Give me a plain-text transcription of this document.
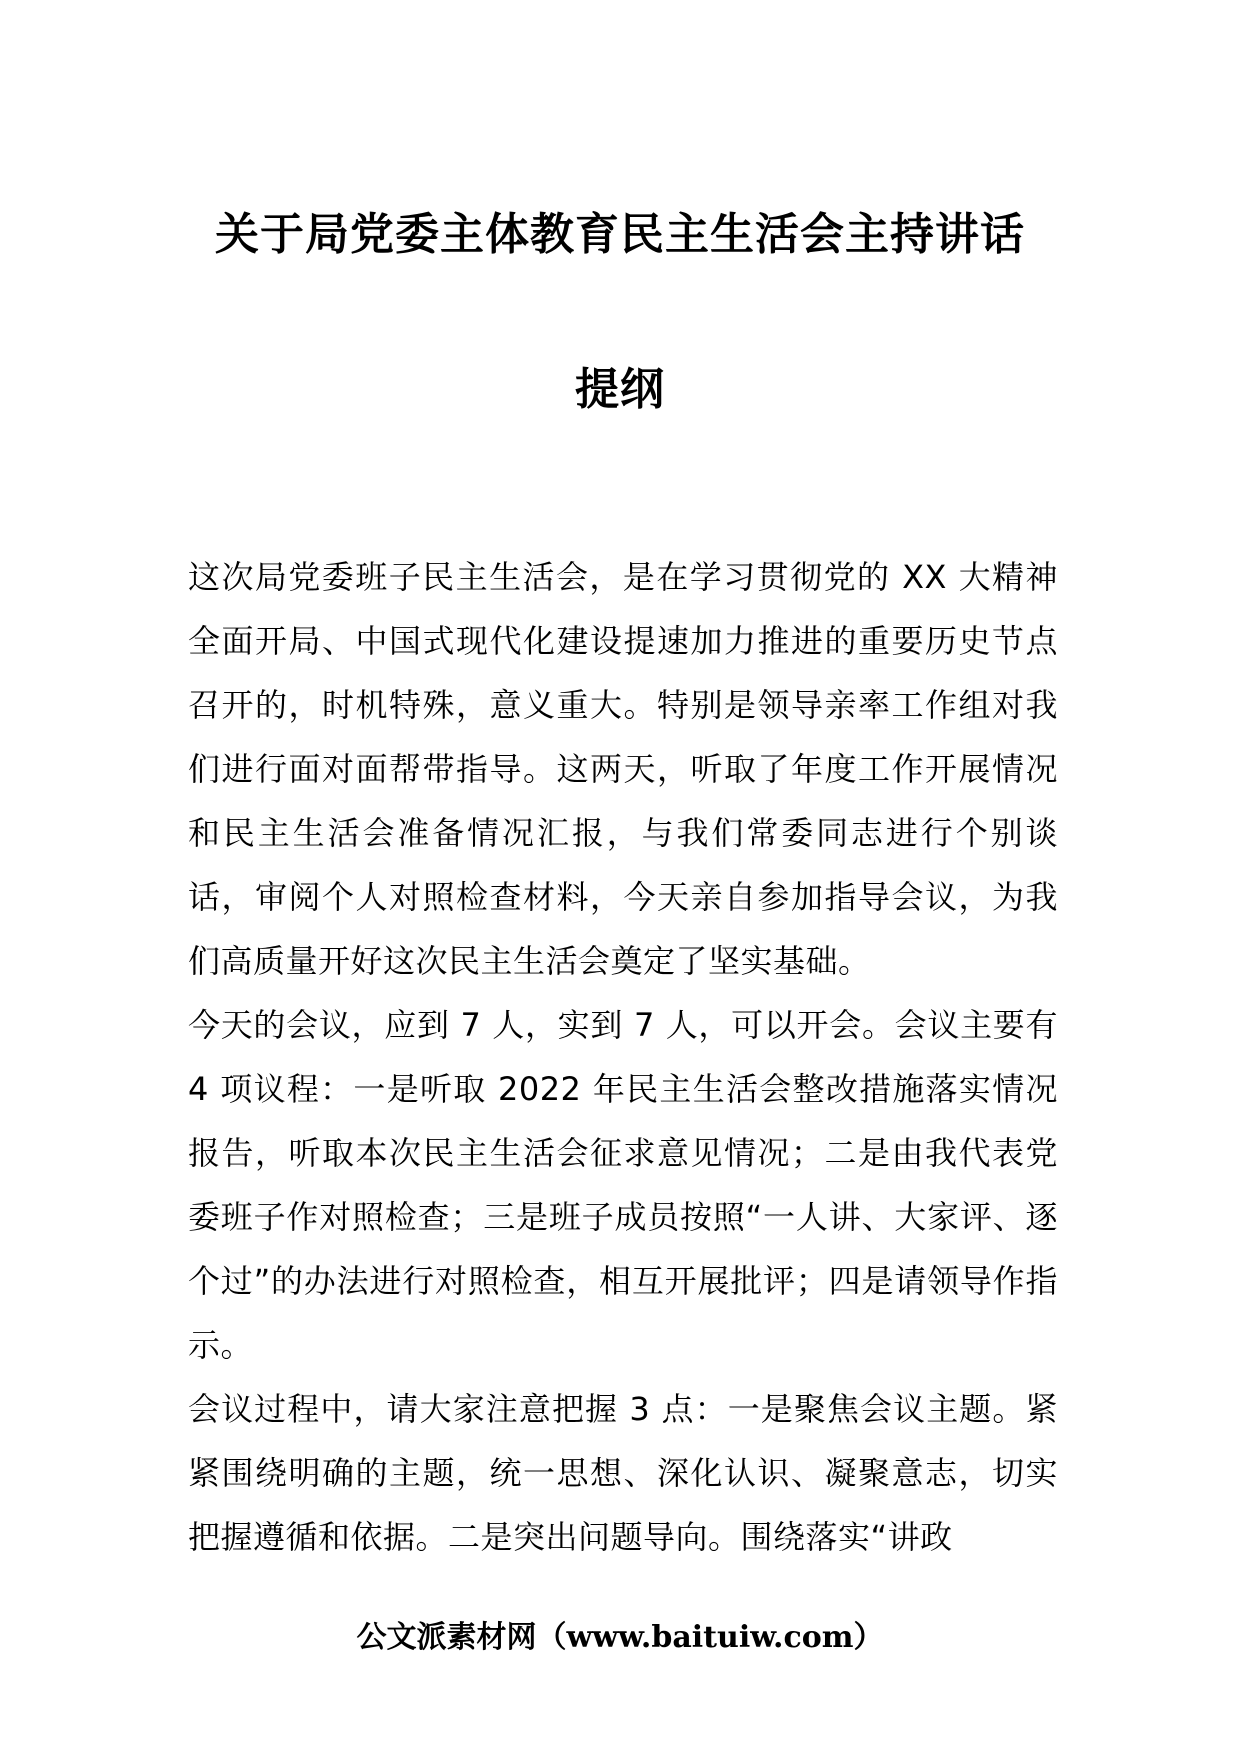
关于局党委主体教育民主生活会主持讲话
提纲

这次局党委班子民主生活会，是在学习贯彻党的 XX 大精神全面开局、中国式现代化建设提速加力推进的重要历史节点召开的，时机特殊，意义重大。特别是领导亲率工作组对我们进行面对面帮带指导。这两天，听取了年度工作开展情况和民主生活会准备情况汇报，与我们常委同志进行个别谈话，审阅个人对照检查材料，今天亲自参加指导会议，为我们高质量开好这次民主生活会奠定了坚实基础。

今天的会议，应到 7 人，实到 7 人，可以开会。会议主要有 4 项议程：一是听取 2022 年民主生活会整改措施落实情况报告，听取本次民主生活会征求意见情况；二是由我代表党委班子作对照检查；三是班子成员按照“一人讲、大家评、逐个过”的办法进行对照检查，相互开展批评；四是请领导作指示。

会议过程中，请大家注意把握 3 点：一是聚焦会议主题。紧紧围绕明确的主题，统一思想、深化认识、凝聚意志，切实把握遵循和依据。二是突出问题导向。围绕落实“讲政

公文派素材网（www.baituiw.com）
